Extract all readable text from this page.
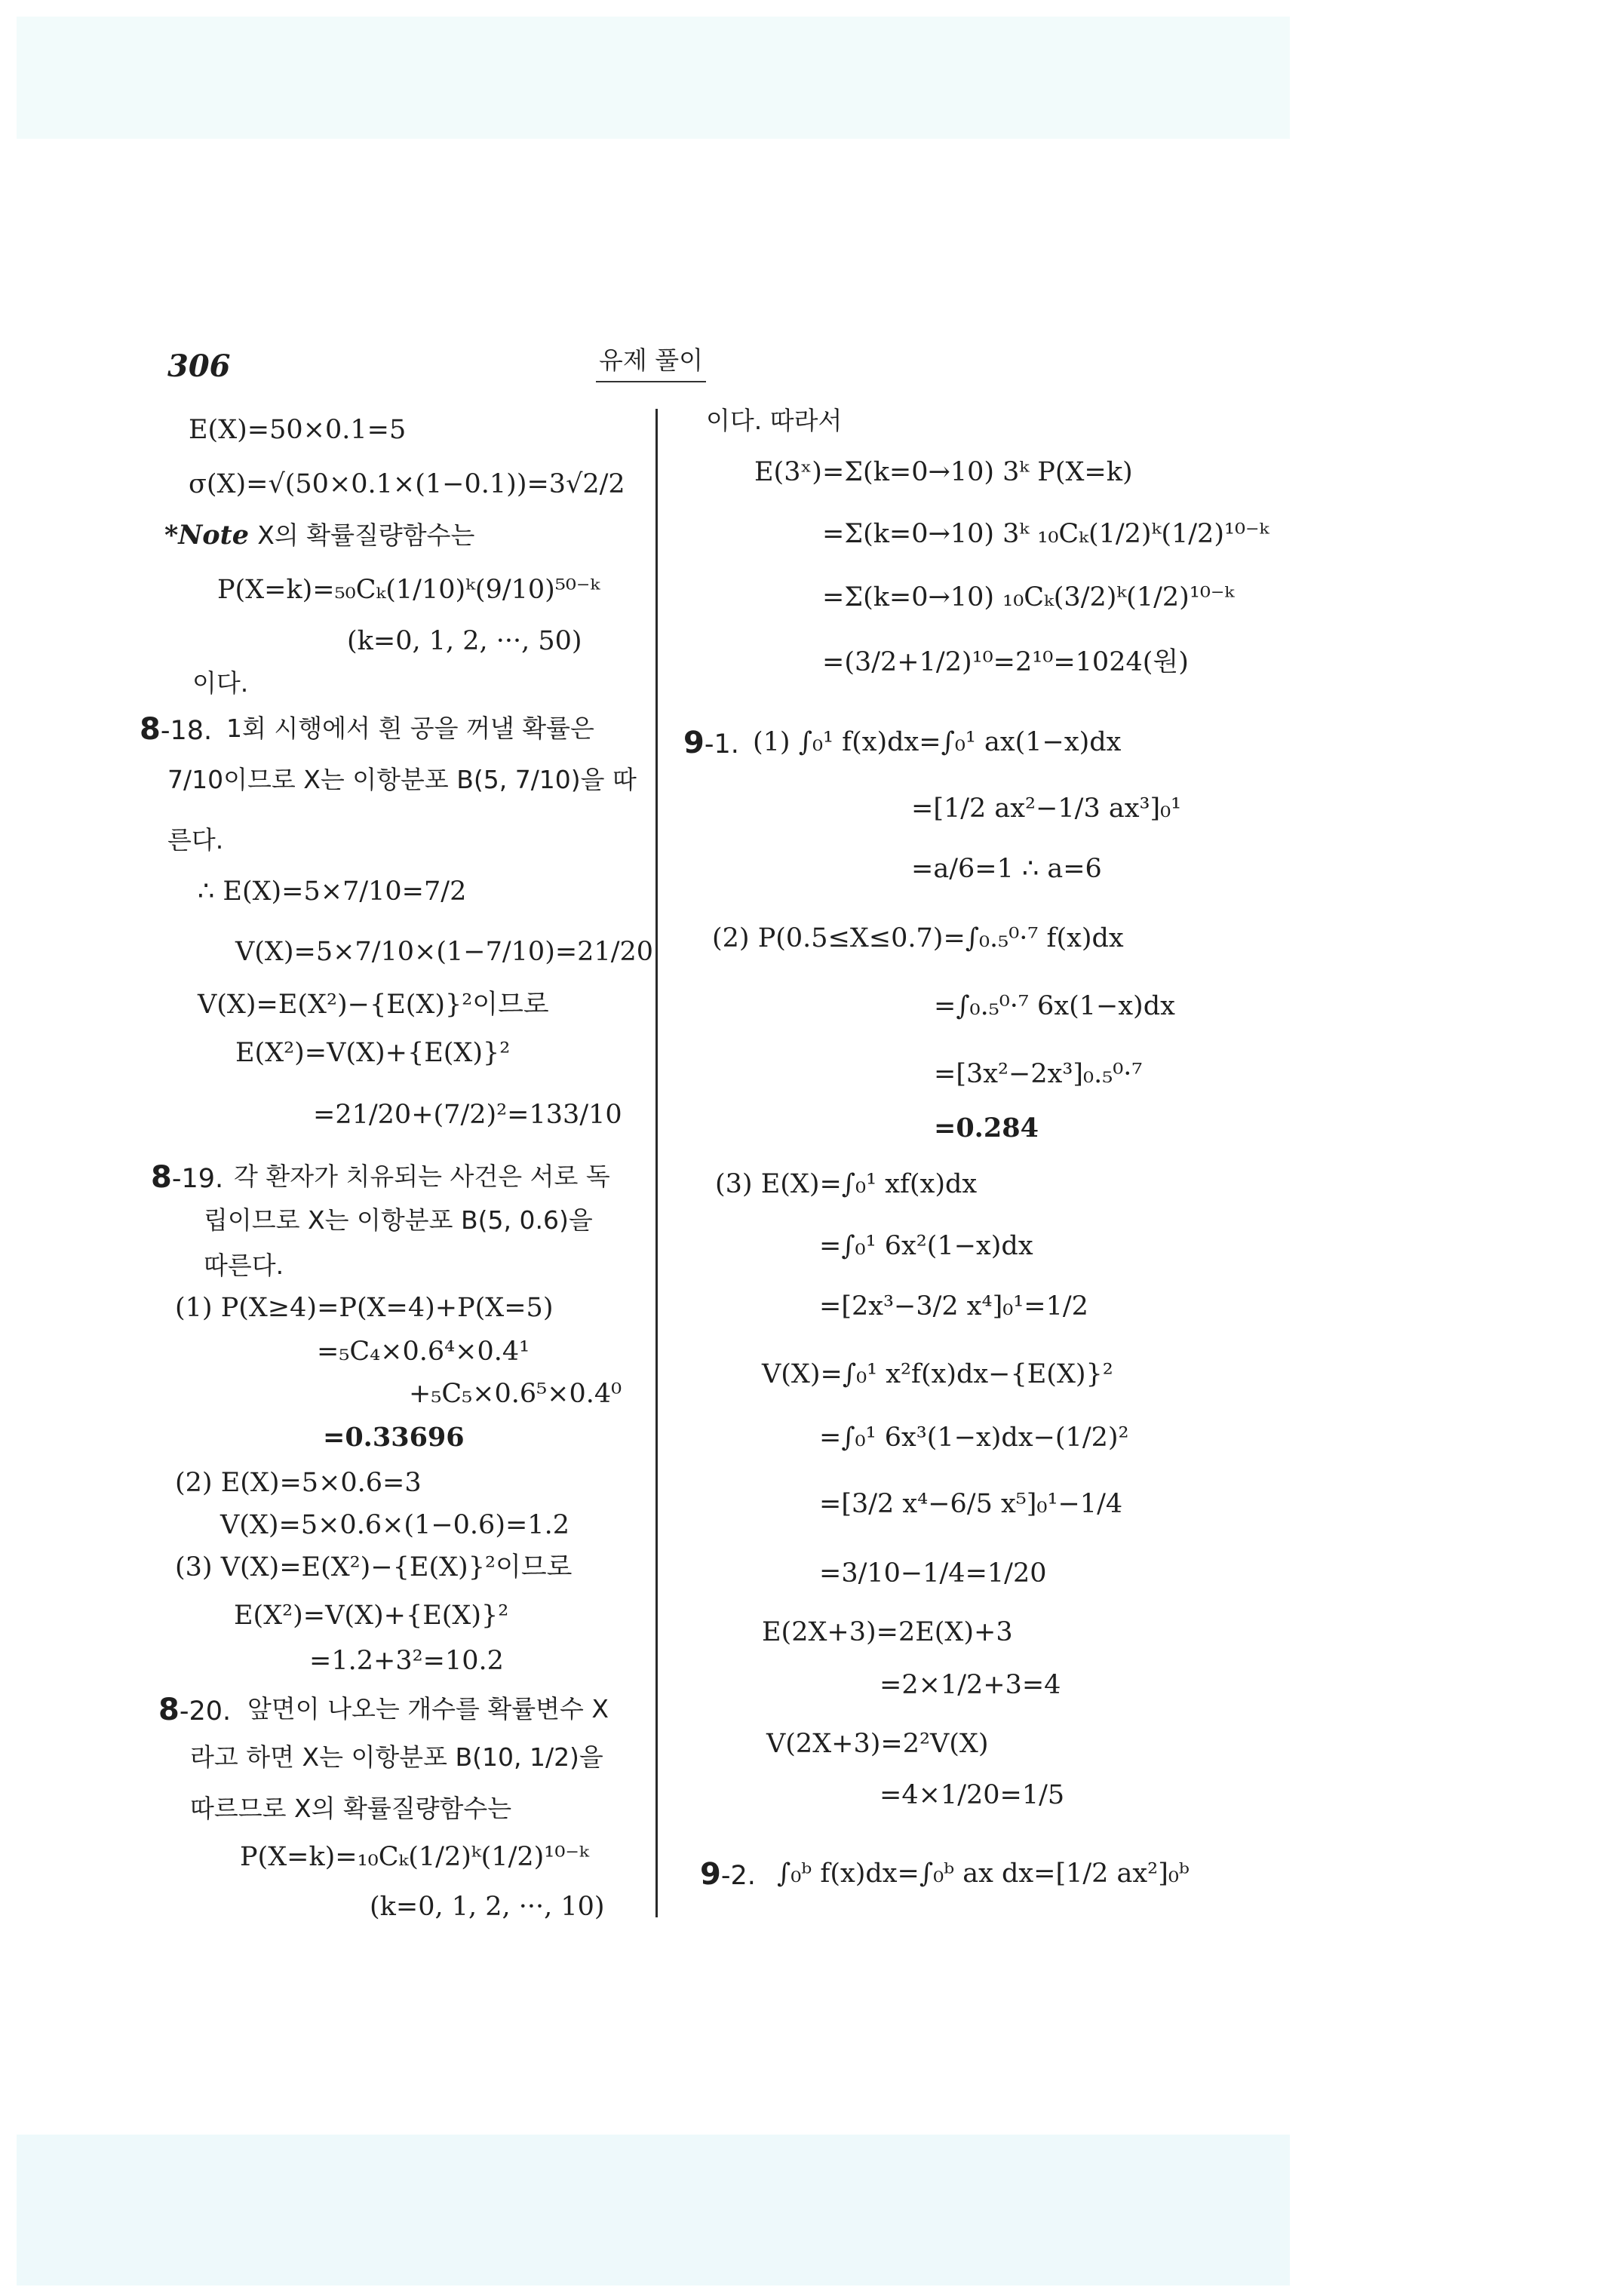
306	유제 풀이
E(X)=50×0.1=5
σ(X)=√(50×0.1×(1−0.1))=3√2/2
*Note X의 확률질량함수는
P(X=k)=₅₀Cₖ(1/10)ᵏ(9/10)⁵⁰⁻ᵏ
(k=0, 1, 2, ···, 50)
이다.
8-18. 1회 시행에서 흰 공을 꺼낼 확률은
7/10이므로 X는 이항분포 B(5, 7/10)을 따
른다.
∴ E(X)=5×7/10=7/2
V(X)=5×7/10×(1−7/10)=21/20
V(X)=E(X²)−{E(X)}²이므로
E(X²)=V(X)+{E(X)}²
=21/20+(7/2)²=133/10
8-19. 각 환자가 치유되는 사건은 서로 독
립이므로 X는 이항분포 B(5, 0.6)을
따른다.
(1) P(X≥4)=P(X=4)+P(X=5)
=₅C₄×0.6⁴×0.4¹
+₅C₅×0.6⁵×0.4⁰
=0.33696
(2) E(X)=5×0.6=3
V(X)=5×0.6×(1−0.6)=1.2
(3) V(X)=E(X²)−{E(X)}²이므로
E(X²)=V(X)+{E(X)}²
=1.2+3²=10.2
8-20. 앞면이 나오는 개수를 확률변수 X
라고 하면 X는 이항분포 B(10, 1/2)을
따르므로 X의 확률질량함수는
P(X=k)=₁₀Cₖ(1/2)ᵏ(1/2)¹⁰⁻ᵏ
(k=0, 1, 2, ···, 10)
이다. 따라서
E(3ˣ)=Σ(k=0→10) 3ᵏ P(X=k)
=Σ(k=0→10) 3ᵏ ₁₀Cₖ(1/2)ᵏ(1/2)¹⁰⁻ᵏ
=Σ(k=0→10) ₁₀Cₖ(3/2)ᵏ(1/2)¹⁰⁻ᵏ
=(3/2+1/2)¹⁰=2¹⁰=1024(원)
9-1. (1) ∫₀¹ f(x)dx=∫₀¹ ax(1−x)dx
=[1/2 ax²−1/3 ax³]₀¹
=a/6=1 ∴ a=6
(2) P(0.5≤X≤0.7)=∫₀.₅⁰·⁷ f(x)dx
=∫₀.₅⁰·⁷ 6x(1−x)dx
=[3x²−2x³]₀.₅⁰·⁷
=0.284
(3) E(X)=∫₀¹ xf(x)dx
=∫₀¹ 6x²(1−x)dx
=[2x³−3/2 x⁴]₀¹=1/2
V(X)=∫₀¹ x²f(x)dx−{E(X)}²
=∫₀¹ 6x³(1−x)dx−(1/2)²
=[3/2 x⁴−6/5 x⁵]₀¹−1/4
=3/10−1/4=1/20
E(2X+3)=2E(X)+3
=2×1/2+3=4
V(2X+3)=2²V(X)
=4×1/20=1/5
9-2. ∫₀ᵇ f(x)dx=∫₀ᵇ ax dx=[1/2 ax²]₀ᵇ
